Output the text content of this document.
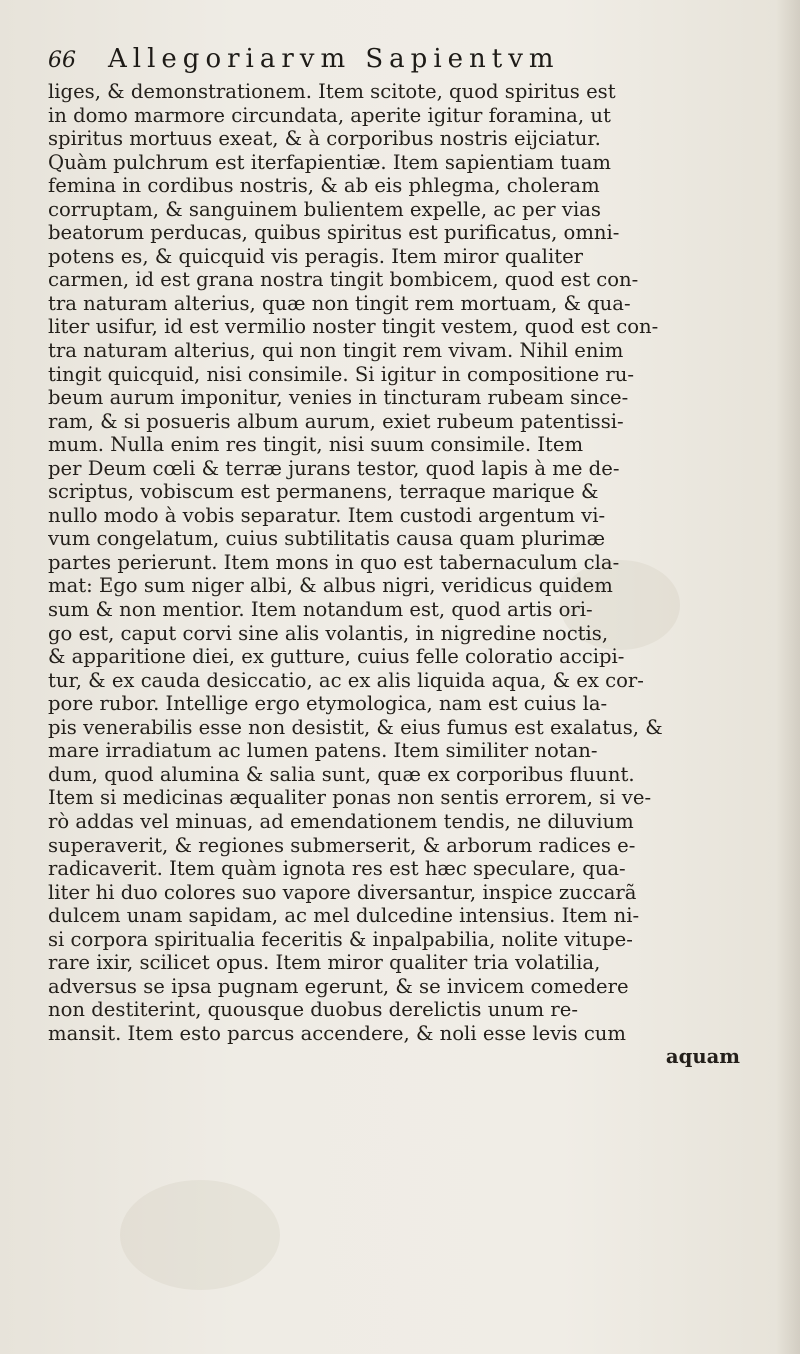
66 Allegoriarvm Sapientvm
liges, & demonstrationem. Item scitote, quod spiritus est
in domo marmore circundata, aperite igitur foramina, ut
spiritus mortuus exeat, & à corporibus nostris eijciatur.
Quàm pulchrum est iterfapientiæ. Item sapientiam tuam
femina in cordibus nostris, & ab eis phlegma, choleram
corruptam, & sanguinem bulientem expelle, ac per vias
beatorum perducas, quibus spiritus est purificatus, omni-
potens es, & quicquid vis peragis. Item miror qualiter
carmen, id est grana nostra tingit bombicem, quod est con-
tra naturam alterius, quæ non tingit rem mortuam, & qua-
liter usifur, id est vermilio noster tingit vestem, quod est con-
tra naturam alterius, qui non tingit rem vivam. Nihil enim
tingit quicquid, nisi consimile. Si igitur in compositione ru-
beum aurum imponitur, venies in tincturam rubeam since-
ram, & si posueris album aurum, exiet rubeum patentissi-
mum. Nulla enim res tingit, nisi suum consimile. Item
per Deum cœli & terræ jurans testor, quod lapis à me de-
scriptus, vobiscum est permanens, terraque marique &
nullo modo à vobis separatur. Item custodi argentum vi-
vum congelatum, cuius subtilitatis causa quam plurimæ
partes perierunt. Item mons in quo est tabernaculum cla-
mat: Ego sum niger albi, & albus nigri, veridicus quidem
sum & non mentior. Item notandum est, quod artis ori-
go est, caput corvi sine alis volantis, in nigredine noctis,
& apparitione diei, ex gutture, cuius felle coloratio accipi-
tur, & ex cauda desiccatio, ac ex alis liquida aqua, & ex cor-
pore rubor. Intellige ergo etymologica, nam est cuius la-
pis venerabilis esse non desistit, & eius fumus est exalatus, &
mare irradiatum ac lumen patens. Item similiter notan-
dum, quod alumina & salia sunt, quæ ex corporibus fluunt.
Item si medicinas æqualiter ponas non sentis errorem, si ve-
rò addas vel minuas, ad emendationem tendis, ne diluvium
superaverit, & regiones submerserit, & arborum radices e-
radicaverit. Item quàm ignota res est hæc speculare, qua-
liter hi duo colores suo vapore diversantur, inspice zuccarã
dulcem unam sapidam, ac mel dulcedine intensius. Item ni-
si corpora spiritualia feceritis & inpalpabilia, nolite vitupe-
rare ixir, scilicet opus. Item miror qualiter tria volatilia,
adversus se ipsa pugnam egerunt, & se invicem comedere
non destiterint, quousque duobus derelictis unum re-
mansit. Item esto parcus accendere, & noli esse levis cum
aquam
